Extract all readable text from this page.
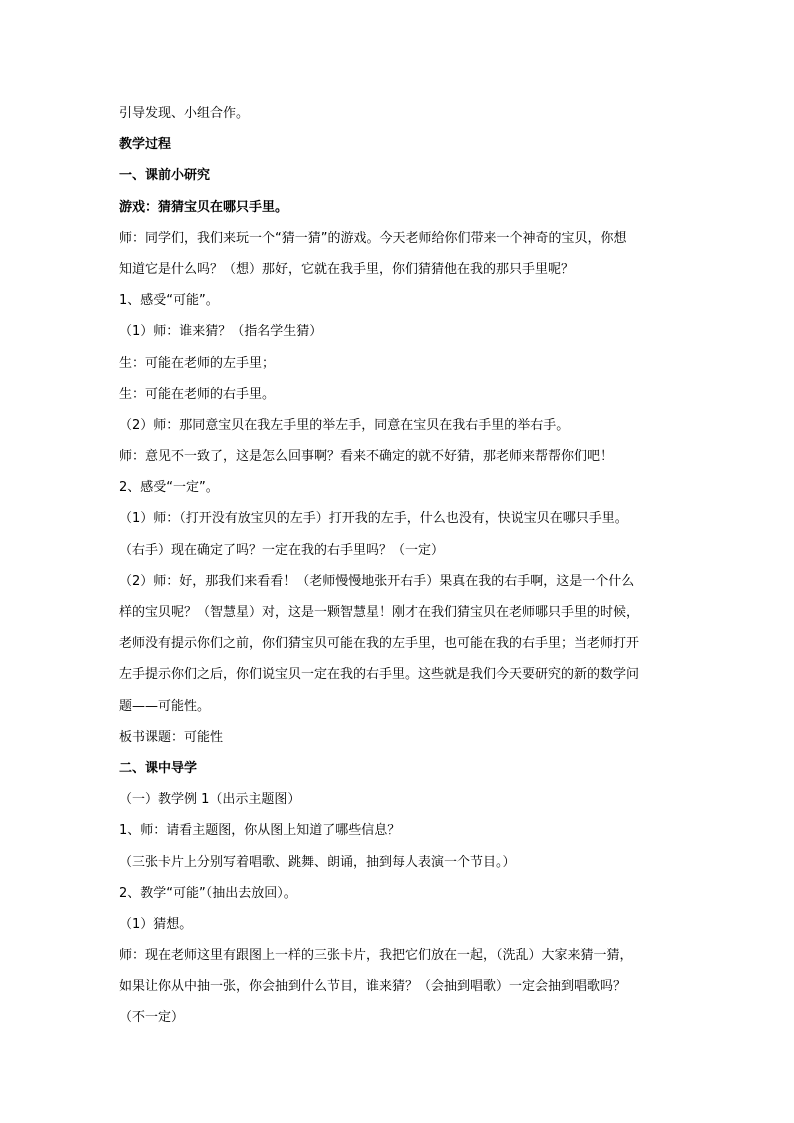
引导发现、小组合作。
教学过程
一、课前小研究
游戏：猜猜宝贝在哪只手里。
师：同学们，我们来玩一个“猜一猜”的游戏。今天老师给你们带来一个神奇的宝贝，你想
知道它是什么吗？（想）那好，它就在我手里，你们猜猜他在我的那只手里呢？
1、感受“可能”。
（1）师：谁来猜？（指名学生猜）
生：可能在老师的左手里；
生：可能在老师的右手里。
（2）师：那同意宝贝在我左手里的举左手，同意在宝贝在我右手里的举右手。
师：意见不一致了，这是怎么回事啊？看来不确定的就不好猜，那老师来帮帮你们吧！
2、感受“一定”。
（1）师：（打开没有放宝贝的左手）打开我的左手，什么也没有，快说宝贝在哪只手里。
（右手）现在确定了吗？一定在我的右手里吗？（一定）
（2）师：好，那我们来看看！（老师慢慢地张开右手）果真在我的右手啊，这是一个什么
样的宝贝呢？（智慧星）对，这是一颗智慧星！刚才在我们猜宝贝在老师哪只手里的时候，
老师没有提示你们之前，你们猜宝贝可能在我的左手里，也可能在我的右手里；当老师打开
左手提示你们之后，你们说宝贝一定在我的右手里。这些就是我们今天要研究的新的数学问
题——可能性。
板书课题：可能性
二、课中导学
（一）教学例 1（出示主题图）
1、师：请看主题图，你从图上知道了哪些信息？
（三张卡片上分别写着唱歌、跳舞、朗诵，抽到每人表演一个节目。）
2、教学“可能”（抽出去放回）。
（1）猜想。
师：现在老师这里有跟图上一样的三张卡片，我把它们放在一起，（洗乱）大家来猜一猜，
如果让你从中抽一张，你会抽到什么节目，谁来猜？（会抽到唱歌）一定会抽到唱歌吗？
（不一定）
